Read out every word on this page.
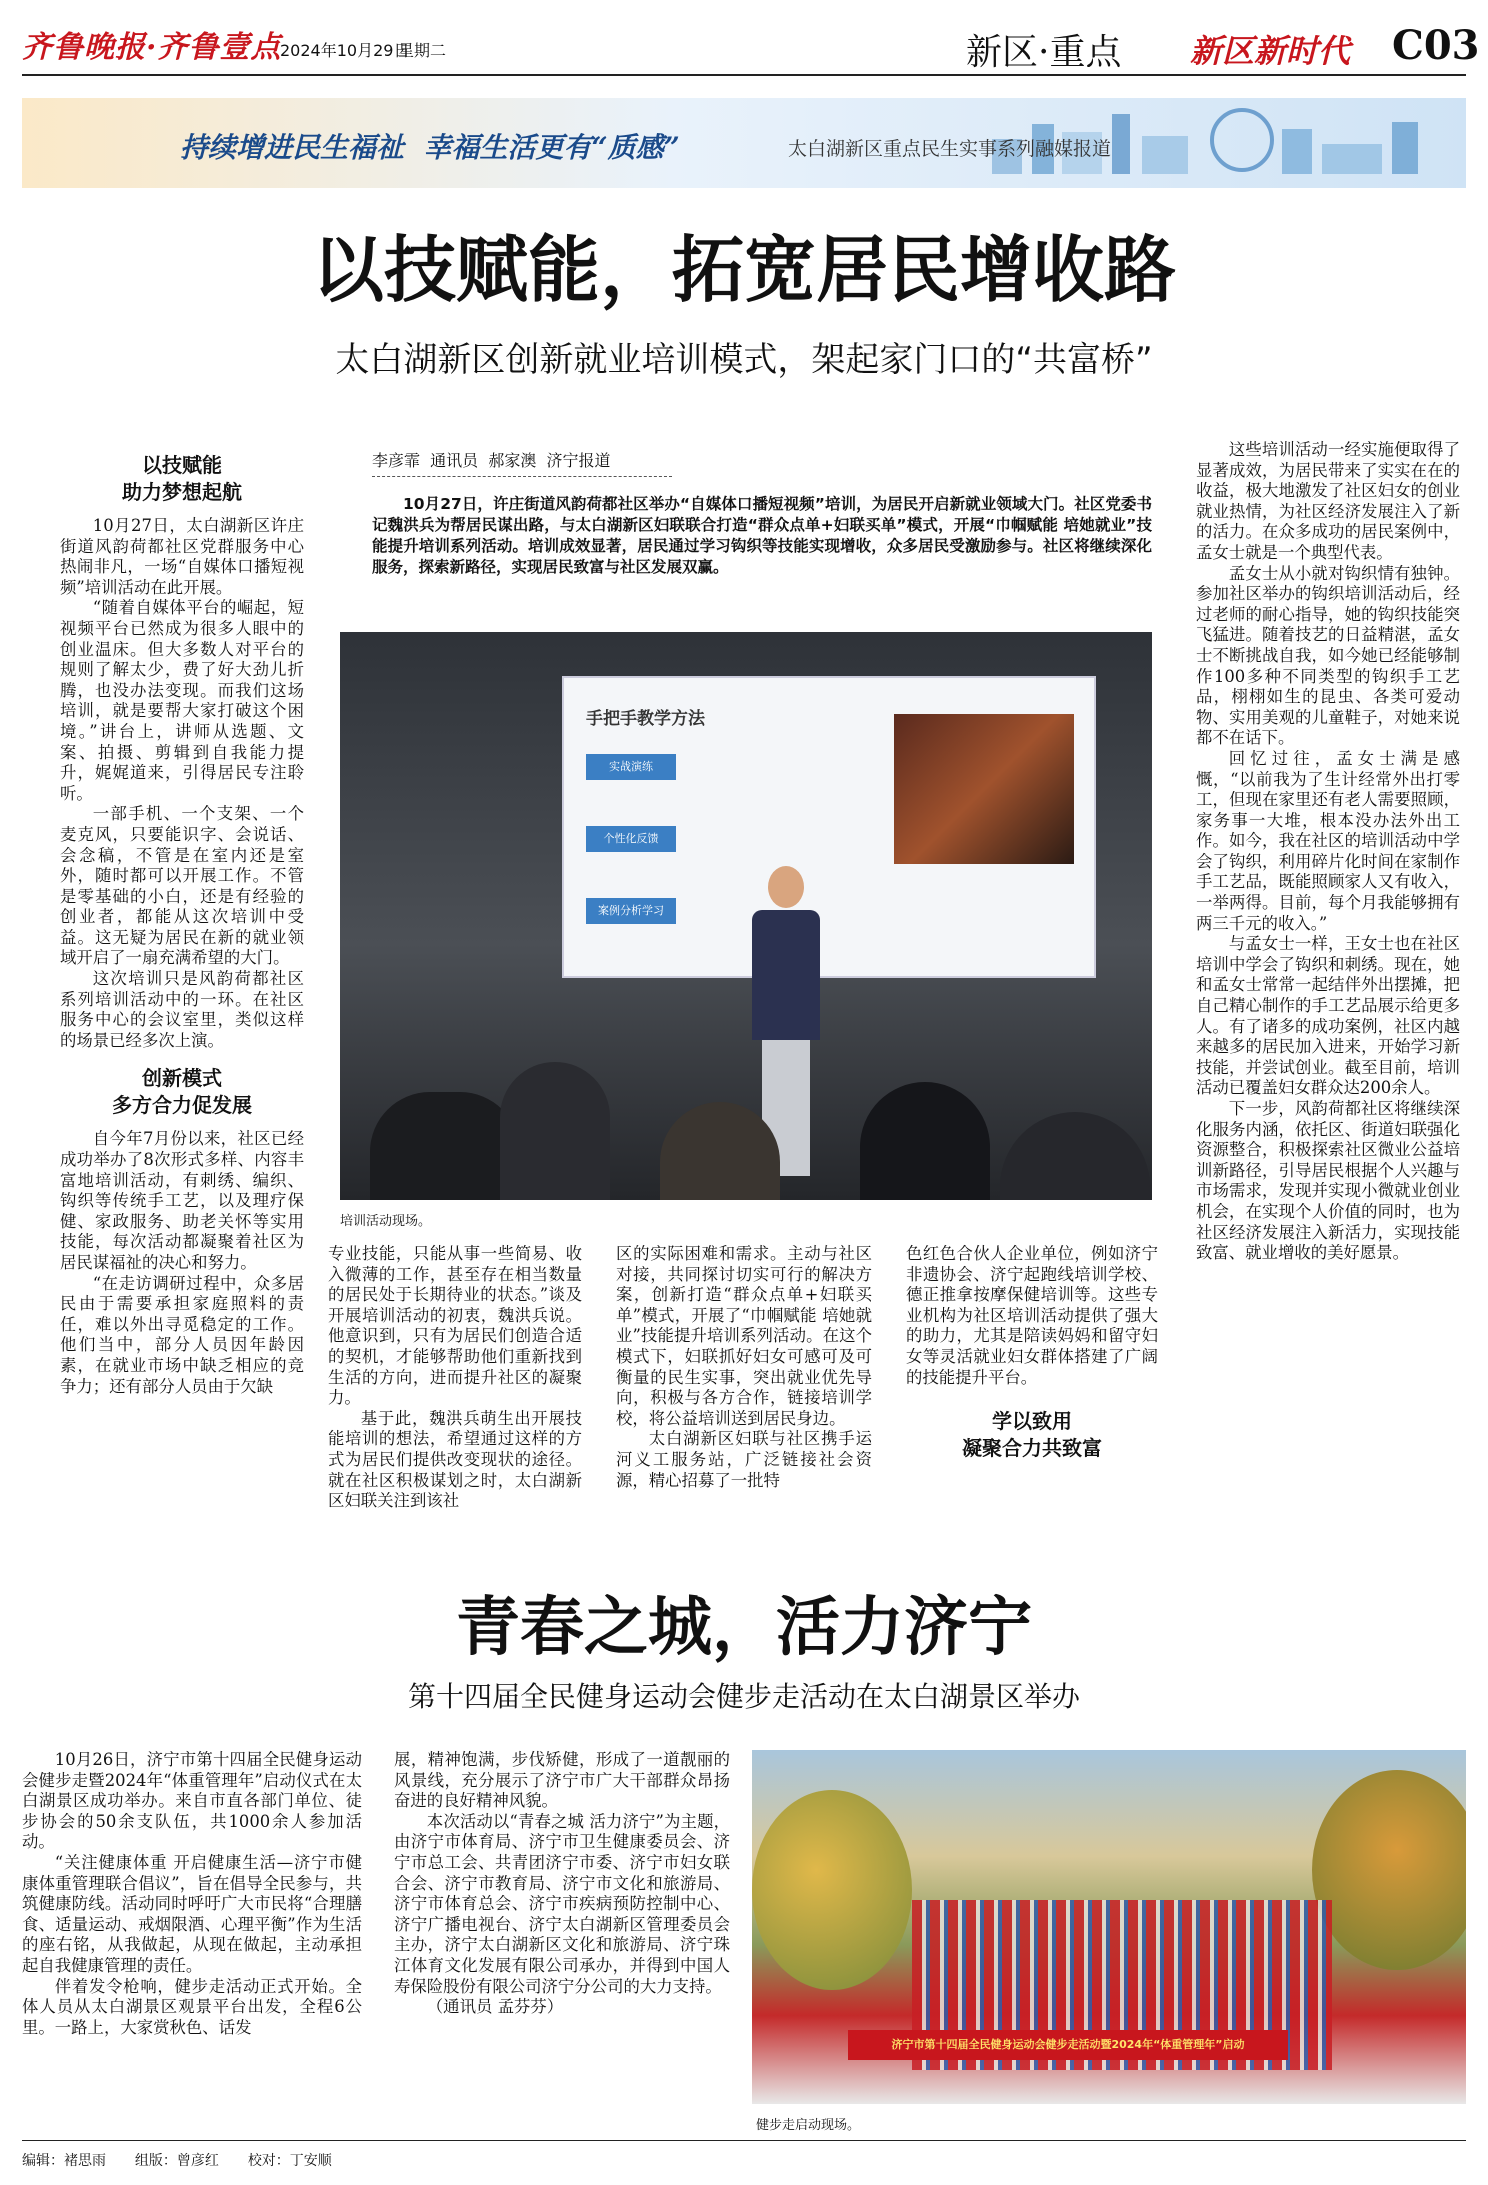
齐鲁晚报·齐鲁壹点
2024年10月29日
星期二	新区·重点 新区新时代 C03
持续增进民生福祉  幸福生活更有“质感”	太白湖新区重点民生实事系列融媒报道
以技赋能，拓宽居民增收路
太白湖新区创新就业培训模式，架起家门口的“共富桥”
以技赋能
助力梦想起航

10月27日，太白湖新区许庄街道风韵荷都社区党群服务中心热闹非凡，一场“自媒体口播短视频”培训活动在此开展。

“随着自媒体平台的崛起，短视频平台已然成为很多人眼中的创业温床。但大多数人对平台的规则了解太少，费了好大劲儿折腾，也没办法变现。而我们这场培训，就是要帮大家打破这个困境。”讲台上，讲师从选题、文案、拍摄、剪辑到自我能力提升，娓娓道来，引得居民专注聆听。

一部手机、一个支架、一个麦克风，只要能识字、会说话、会念稿，不管是在室内还是室外，随时都可以开展工作。不管是零基础的小白，还是有经验的创业者，都能从这次培训中受益。这无疑为居民在新的就业领域开启了一扇充满希望的大门。

这次培训只是风韵荷都社区系列培训活动中的一环。在社区服务中心的会议室里，类似这样的场景已经多次上演。

创新模式
多方合力促发展

自今年7月份以来，社区已经成功举办了8次形式多样、内容丰富地培训活动，有刺绣、编织、钩织等传统手工艺，以及理疗保健、家政服务、助老关怀等实用技能，每次活动都凝聚着社区为居民谋福祉的决心和努力。

“在走访调研过程中，众多居民由于需要承担家庭照料的责任，难以外出寻觅稳定的工作。他们当中，部分人员因年龄因素，在就业市场中缺乏相应的竞争力；还有部分人员由于欠缺

李彦霏  通讯员  郝家澳  济宁报道

10月27日，许庄街道风韵荷都社区举办“自媒体口播短视频”培训，为居民开启新就业领域大门。社区党委书记魏洪兵为帮居民谋出路，与太白湖新区妇联联合打造“群众点单+妇联买单”模式，开展“巾帼赋能 培她就业”技能提升培训系列活动。培训成效显著，居民通过学习钩织等技能实现增收，众多居民受激励参与。社区将继续深化服务，探索新路径，实现居民致富与社区发展双赢。

手把手教学方法
实战演练
个性化反馈
案例分析学习
培训活动现场。

专业技能，只能从事一些简易、收入微薄的工作，甚至存在相当数量的居民处于长期待业的状态。”谈及开展培训活动的初衷，魏洪兵说。他意识到，只有为居民们创造合适的契机，才能够帮助他们重新找到生活的方向，进而提升社区的凝聚力。

基于此，魏洪兵萌生出开展技能培训的想法，希望通过这样的方式为居民们提供改变现状的途径。就在社区积极谋划之时，太白湖新区妇联关注到该社

区的实际困难和需求。主动与社区对接，共同探讨切实可行的解决方案，创新打造“群众点单+妇联买单”模式，开展了“巾帼赋能 培她就业”技能提升培训系列活动。在这个模式下，妇联抓好妇女可感可及可衡量的民生实事，突出就业优先导向，积极与各方合作，链接培训学校，将公益培训送到居民身边。

太白湖新区妇联与社区携手运河义工服务站，广泛链接社会资源，精心招募了一批特

色红色合伙人企业单位，例如济宁非遗协会、济宁起跑线培训学校、德正推拿按摩保健培训等。这些专业机构为社区培训活动提供了强大的助力，尤其是陪读妈妈和留守妇女等灵活就业妇女群体搭建了广阔的技能提升平台。

学以致用
凝聚合力共致富

这些培训活动一经实施便取得了显著成效，为居民带来了实实在在的收益，极大地激发了社区妇女的创业就业热情，为社区经济发展注入了新的活力。在众多成功的居民案例中，孟女士就是一个典型代表。

孟女士从小就对钩织情有独钟。参加社区举办的钩织培训活动后，经过老师的耐心指导，她的钩织技能突飞猛进。随着技艺的日益精湛，孟女士不断挑战自我，如今她已经能够制作100多种不同类型的钩织手工艺品，栩栩如生的昆虫、各类可爱动物、实用美观的儿童鞋子，对她来说都不在话下。

回忆过往，孟女士满是感慨，“以前我为了生计经常外出打零工，但现在家里还有老人需要照顾，家务事一大堆，根本没办法外出工作。如今，我在社区的培训活动中学会了钩织，利用碎片化时间在家制作手工艺品，既能照顾家人又有收入，一举两得。目前，每个月我能够拥有两三千元的收入。”

与孟女士一样，王女士也在社区培训中学会了钩织和刺绣。现在，她和孟女士常常一起结伴外出摆摊，把自己精心制作的手工艺品展示给更多人。有了诸多的成功案例，社区内越来越多的居民加入进来，开始学习新技能，并尝试创业。截至目前，培训活动已覆盖妇女群众达200余人。

下一步，风韵荷都社区将继续深化服务内涵，依托区、街道妇联强化资源整合，积极探索社区微业公益培训新路径，引导居民根据个人兴趣与市场需求，发现并实现小微就业创业机会，在实现个人价值的同时，也为社区经济发展注入新活力，实现技能致富、就业增收的美好愿景。

青春之城，活力济宁
第十四届全民健身运动会健步走活动在太白湖景区举办

10月26日，济宁市第十四届全民健身运动会健步走暨2024年“体重管理年”启动仪式在太白湖景区成功举办。来自市直各部门单位、徒步协会的50余支队伍，共1000余人参加活动。

“关注健康体重 开启健康生活—济宁市健康体重管理联合倡议”，旨在倡导全民参与，共筑健康防线。活动同时呼吁广大市民将“合理膳食、适量运动、戒烟限酒、心理平衡”作为生活的座右铭，从我做起，从现在做起，主动承担起自我健康管理的责任。

伴着发令枪响，健步走活动正式开始。全体人员从太白湖景区观景平台出发，全程6公里。一路上，大家赏秋色、话发

展，精神饱满，步伐矫健，形成了一道靓丽的风景线，充分展示了济宁市广大干部群众昂扬奋进的良好精神风貌。

本次活动以“青春之城 活力济宁”为主题，由济宁市体育局、济宁市卫生健康委员会、济宁市总工会、共青团济宁市委、济宁市妇女联合会、济宁市教育局、济宁市文化和旅游局、济宁市体育总会、济宁市疾病预防控制中心、济宁广播电视台、济宁太白湖新区管理委员会主办，济宁太白湖新区文化和旅游局、济宁珠江体育文化发展有限公司承办，并得到中国人寿保险股份有限公司济宁分公司的大力支持。

（通讯员 孟芬芬）

济宁市第十四届全民健身运动会健步走活动暨2024年“体重管理年”启动
健步走启动现场。
编辑：褚思雨 组版：曾彦红 校对：丁安顺
